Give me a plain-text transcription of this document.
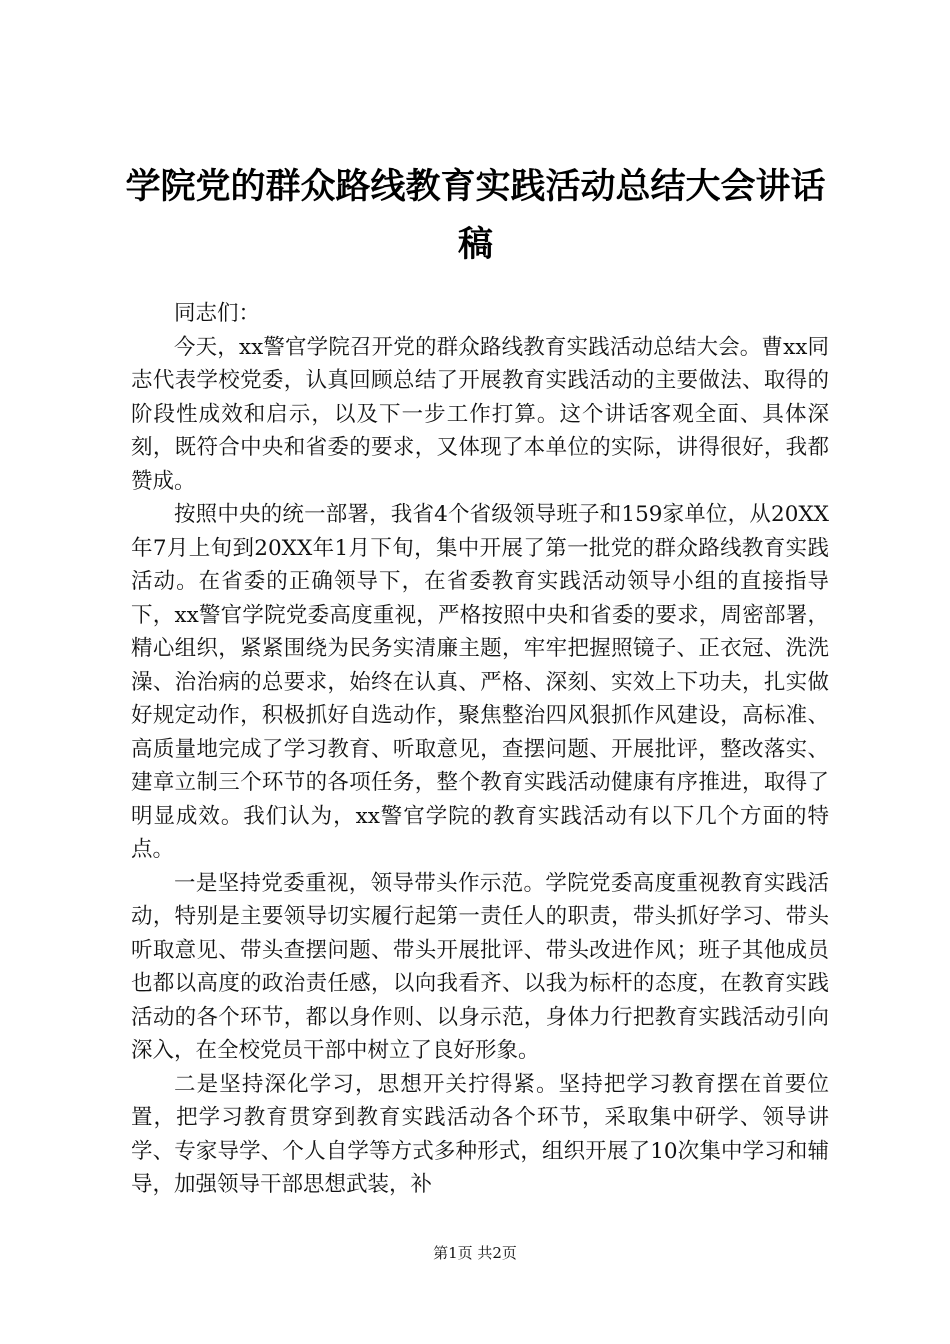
学院党的群众路线教育实践活动总结大会讲话稿

同志们：

今天，xx警官学院召开党的群众路线教育实践活动总结大会。曹xx同志代表学校党委，认真回顾总结了开展教育实践活动的主要做法、取得的阶段性成效和启示，以及下一步工作打算。这个讲话客观全面、具体深刻，既符合中央和省委的要求，又体现了本单位的实际，讲得很好，我都赞成。

按照中央的统一部署，我省4个省级领导班子和159家单位，从20XX年7月上旬到20XX年1月下旬，集中开展了第一批党的群众路线教育实践活动。在省委的正确领导下，在省委教育实践活动领导小组的直接指导下，xx警官学院党委高度重视，严格按照中央和省委的要求，周密部署，精心组织，紧紧围绕为民务实清廉主题，牢牢把握照镜子、正衣冠、洗洗澡、治治病的总要求，始终在认真、严格、深刻、实效上下功夫，扎实做好规定动作，积极抓好自选动作，聚焦整治四风狠抓作风建设，高标准、高质量地完成了学习教育、听取意见，查摆问题、开展批评，整改落实、建章立制三个环节的各项任务，整个教育实践活动健康有序推进，取得了明显成效。我们认为，xx警官学院的教育实践活动有以下几个方面的特点。

一是坚持党委重视，领导带头作示范。学院党委高度重视教育实践活动，特别是主要领导切实履行起第一责任人的职责，带头抓好学习、带头听取意见、带头查摆问题、带头开展批评、带头改进作风；班子其他成员也都以高度的政治责任感，以向我看齐、以我为标杆的态度，在教育实践活动的各个环节，都以身作则、以身示范，身体力行把教育实践活动引向深入，在全校党员干部中树立了良好形象。

二是坚持深化学习，思想开关拧得紧。坚持把学习教育摆在首要位置，把学习教育贯穿到教育实践活动各个环节，采取集中研学、领导讲学、专家导学、个人自学等方式多种形式，组织开展了10次集中学习和辅导，加强领导干部思想武装，补

第1页 共2页
